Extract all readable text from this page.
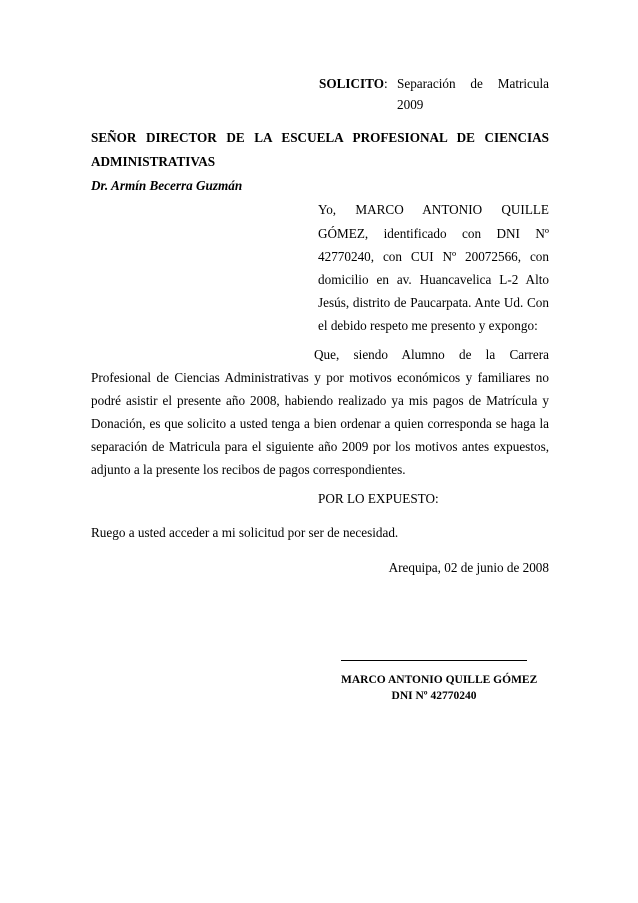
SOLICITO: Separación de Matricula
2009
SEÑOR DIRECTOR DE LA ESCUELA PROFESIONAL DE CIENCIAS
ADMINISTRATIVAS
Dr. Armín Becerra Guzmán
Yo, MARCO ANTONIO QUILLE
GÓMEZ, identificado con DNI Nº
42770240, con CUI Nº 20072566, con
domicilio en av. Huancavelica L-2 Alto
Jesús, distrito de Paucarpata. Ante Ud. Con
el debido respeto me presento y expongo:
Que, siendo Alumno de la Carrera
Profesional de Ciencias Administrativas y por motivos económicos y familiares no
podré asistir el presente año 2008, habiendo realizado ya mis pagos de Matrícula y
Donación, es que solicito a usted tenga a bien ordenar a quien corresponda se haga la
separación de Matricula para el siguiente año 2009 por los motivos antes expuestos,
adjunto a la presente los recibos de pagos correspondientes.
POR LO EXPUESTO:
Ruego a usted acceder a mi solicitud por ser de necesidad.
Arequipa, 02 de junio de 2008
MARCO ANTONIO QUILLE GÓMEZ
DNI Nº 42770240
